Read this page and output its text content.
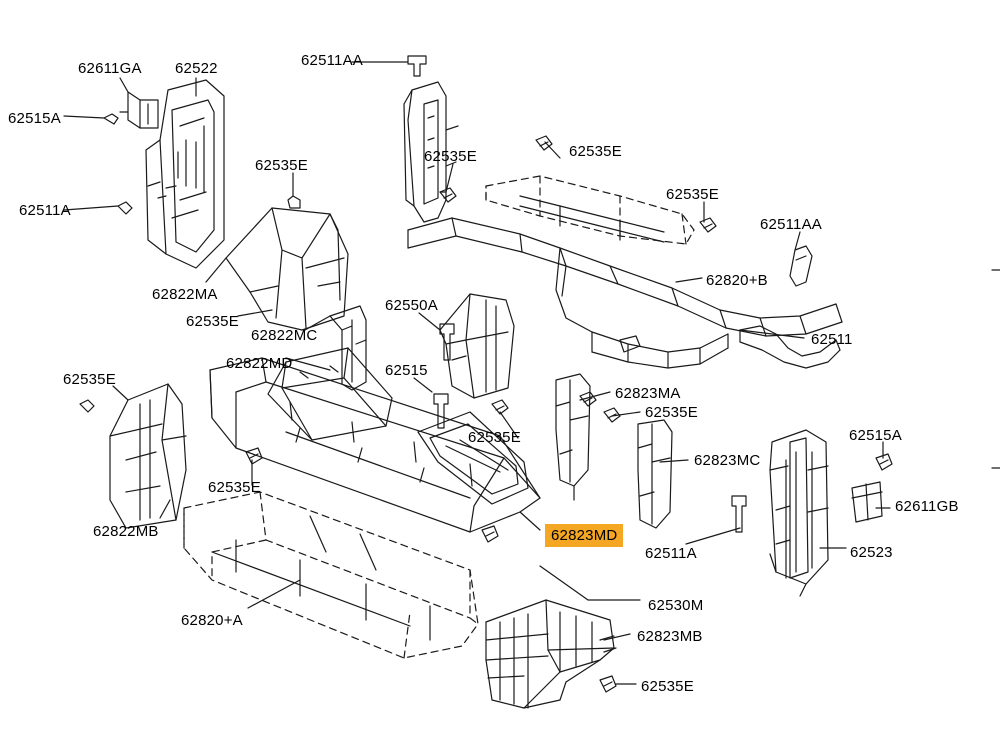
62611GA 62522	62511AA
62515A
62535E
62535E	62535E
62535E
62511AA
62511A
62820+B
62822MA
62535E
62822MC
62550A
62511
62822MD	62515
62535E
62823MA
62535E
62515A
62535E
62823MC
62535E
62611GB
62822MB	62823MD
62511A	62523
62530M
62820+A
62823MB
62535E
